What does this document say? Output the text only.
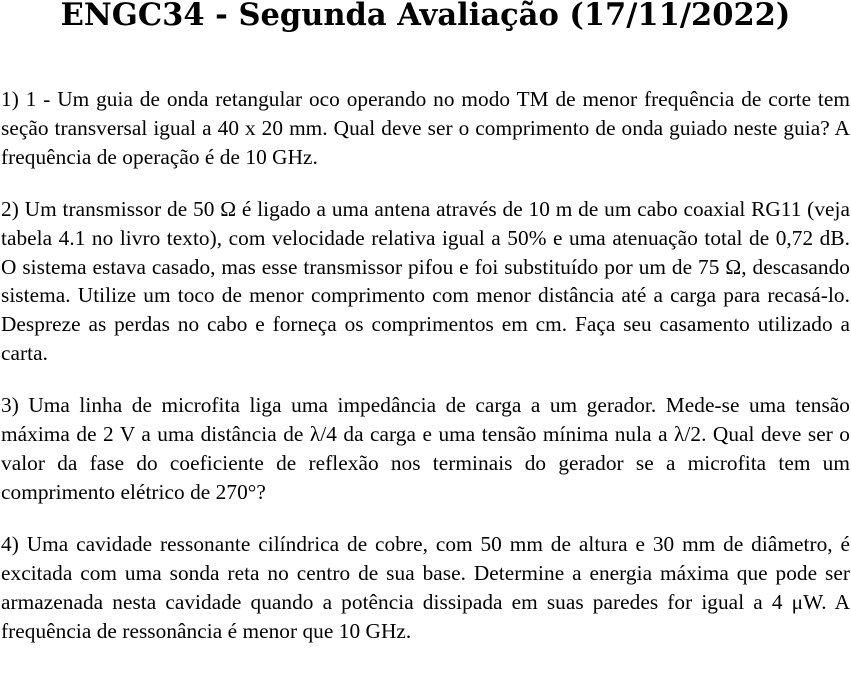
ENGC34 - Segunda Avaliação (17/11/2022)

1) 1 - Um guia de onda retangular oco operando no modo TM de menor frequência de corte tem seção transversal igual a 40 x 20 mm. Qual deve ser o comprimento de onda guiado neste guia? A frequência de operação é de 10 GHz.

2) Um transmissor de 50 Ω é ligado a uma antena através de 10 m de um cabo coaxial RG11 (veja tabela 4.1 no livro texto), com velocidade relativa igual a 50% e uma atenuação total de 0,72 dB. O sistema estava casado, mas esse transmissor pifou e foi substituído por um de 75 Ω, descasando sistema. Utilize um toco de menor comprimento com menor distância até a carga para recasá-lo. Despreze as perdas no cabo e forneça os comprimentos em cm. Faça seu casamento utilizado a carta.

3) Uma linha de microfita liga uma impedância de carga a um gerador. Mede-se uma tensão máxima de 2 V a uma distância de λ/4 da carga e uma tensão mínima nula a λ/2. Qual deve ser o valor da fase do coeficiente de reflexão nos terminais do gerador se a microfita tem um comprimento elétrico de 270°?

4) Uma cavidade ressonante cilíndrica de cobre, com 50 mm de altura e 30 mm de diâmetro, é excitada com uma sonda reta no centro de sua base. Determine a energia máxima que pode ser armazenada nesta cavidade quando a potência dissipada em suas paredes for igual a 4 μW. A frequência de ressonância é menor que 10 GHz.
